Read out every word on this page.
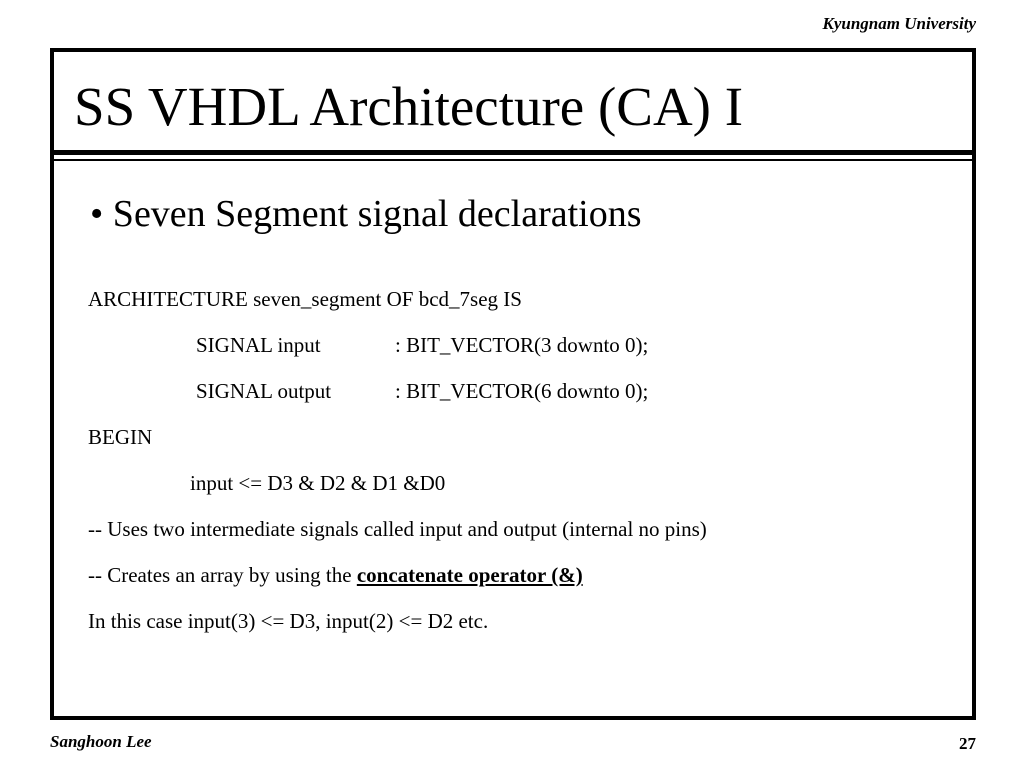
Kyungnam University
SS VHDL Architecture (CA) I

• Seven Segment signal declarations

ARCHITECTURE seven_segment OF bcd_7seg IS

SIGNAL input	: BIT_VECTOR(3 downto 0);

SIGNAL output	: BIT_VECTOR(6 downto 0);

BEGIN

input <= D3 & D2 & D1 &D0

-- Uses two intermediate signals called input and output (internal no pins)

-- Creates an array by using the concatenate operator (&)

In this case input(3) <= D3, input(2) <= D2 etc.

Sanghoon Lee	27
